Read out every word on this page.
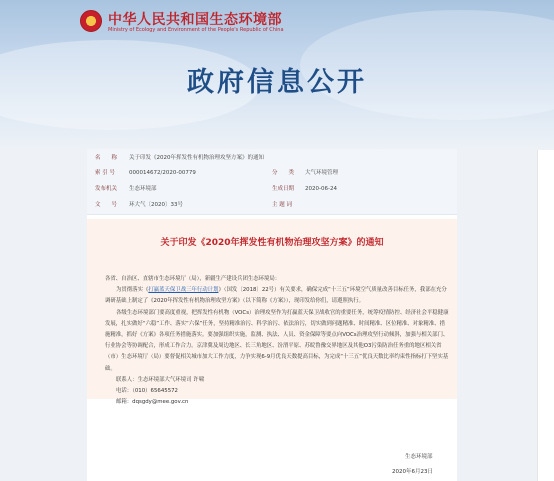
中华人民共和国生态环境部
Ministry of Ecology and Environment of the People's Republic of China
政府信息公开
名　　称 关于印发《2020年挥发性有机物治理攻坚方案》的通知
索 引 号	000014672/2020-00779	分　　类 大气环境管理
发布机关 生态环境部	生成日期 2020-06-24
文　　号 环大气〔2020〕33号	主 题 词
关于印发《2020年挥发性有机物治理攻坚方案》的通知

各省、自治区、直辖市生态环境厅（局），新疆生产建设兵团生态环境局：

为贯彻落实《打赢蓝天保卫战三年行动计划》（国发〔2018〕22号）有关要求，确保完成“十三五”环境空气质量改善目标任务，我部在充分调研基础上制定了《2020年挥发性有机物治理攻坚方案》（以下简称《方案》），现印发给你们，请遵照执行。

各级生态环境部门要高度重视，把挥发性有机物（VOCs）治理攻坚作为打赢蓝天保卫战收官的重要任务，统筹疫情防控、经济社会平稳健康发展，扎实做好“六稳”工作、落实“六保”任务，坚持精准治污、科学治污、依法治污，切实做到问题精准、时间精准、区位精准、对象精准、措施精准，抓好《方案》各项任务措施落实。要加强组织实施，监测、执法、人员、资金保障等要点向VOCs治理攻坚行动倾斜，加强与相关部门、行业协会等协调配合，形成工作合力。京津冀及周边地区、长三角地区、汾渭平原、苏皖鲁豫交界地区及其他O3污染防治任务重的地区相关省（市）生态环境厅（局）要督促相关城市加大工作力度，力争实现6-9月优良天数提高目标，为完成“十三五”优良天数比率约束性指标打下坚实基础。

联系人：生态环境部大气环境司 许啸

电话：（010）65645572

邮箱：dqsgdy@mee.gov.cn

生态环境部
2020年6月23日
